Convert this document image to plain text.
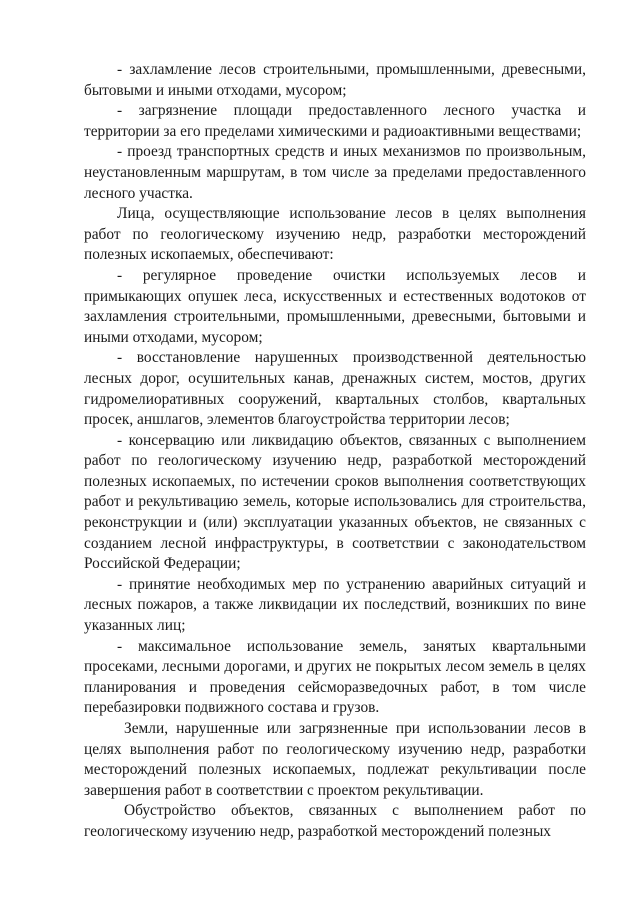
- захламление лесов строительными, промышленными, древесными, бытовыми и иными отходами, мусором;

- загрязнение площади предоставленного лесного участка и территории за его пределами химическими и радиоактивными веществами;

- проезд транспортных средств и иных механизмов по произвольным, неустановленным маршрутам, в том числе за пределами предоставленного лесного участка.

Лица, осуществляющие использование лесов в целях выполнения работ по геологическому изучению недр, разработки месторождений полезных ископаемых, обеспечивают:

- регулярное проведение очистки используемых лесов и примыкающих опушек леса, искусственных и естественных водотоков от захламления строительными, промышленными, древесными, бытовыми и иными отходами, мусором;

- восстановление нарушенных производственной деятельностью лесных дорог, осушительных канав, дренажных систем, мостов, других гидромелиоративных сооружений, квартальных столбов, квартальных просек, аншлагов, элементов благоустройства территории лесов;

- консервацию или ликвидацию объектов, связанных с выполнением работ по геологическому изучению недр, разработкой месторождений полезных ископаемых, по истечении сроков выполнения соответствующих работ и рекультивацию земель, которые использовались для строительства, реконструкции и (или) эксплуатации указанных объектов, не связанных с созданием лесной инфраструктуры, в соответствии с законодательством Российской Федерации;

- принятие необходимых мер по устранению аварийных ситуаций и лесных пожаров, а также ликвидации их последствий, возникших по вине указанных лиц;

- максимальное использование земель, занятых квартальными просеками, лесными дорогами, и других не покрытых лесом земель в целях планирования и проведения сейсморазведочных работ, в том числе перебазировки подвижного состава и грузов.

Земли, нарушенные или загрязненные при использовании лесов в целях выполнения работ по геологическому изучению недр, разработки месторождений полезных ископаемых, подлежат рекультивации после завершения работ в соответствии с проектом рекультивации.

Обустройство объектов, связанных с выполнением работ по геологическому изучению недр, разработкой месторождений полезных
